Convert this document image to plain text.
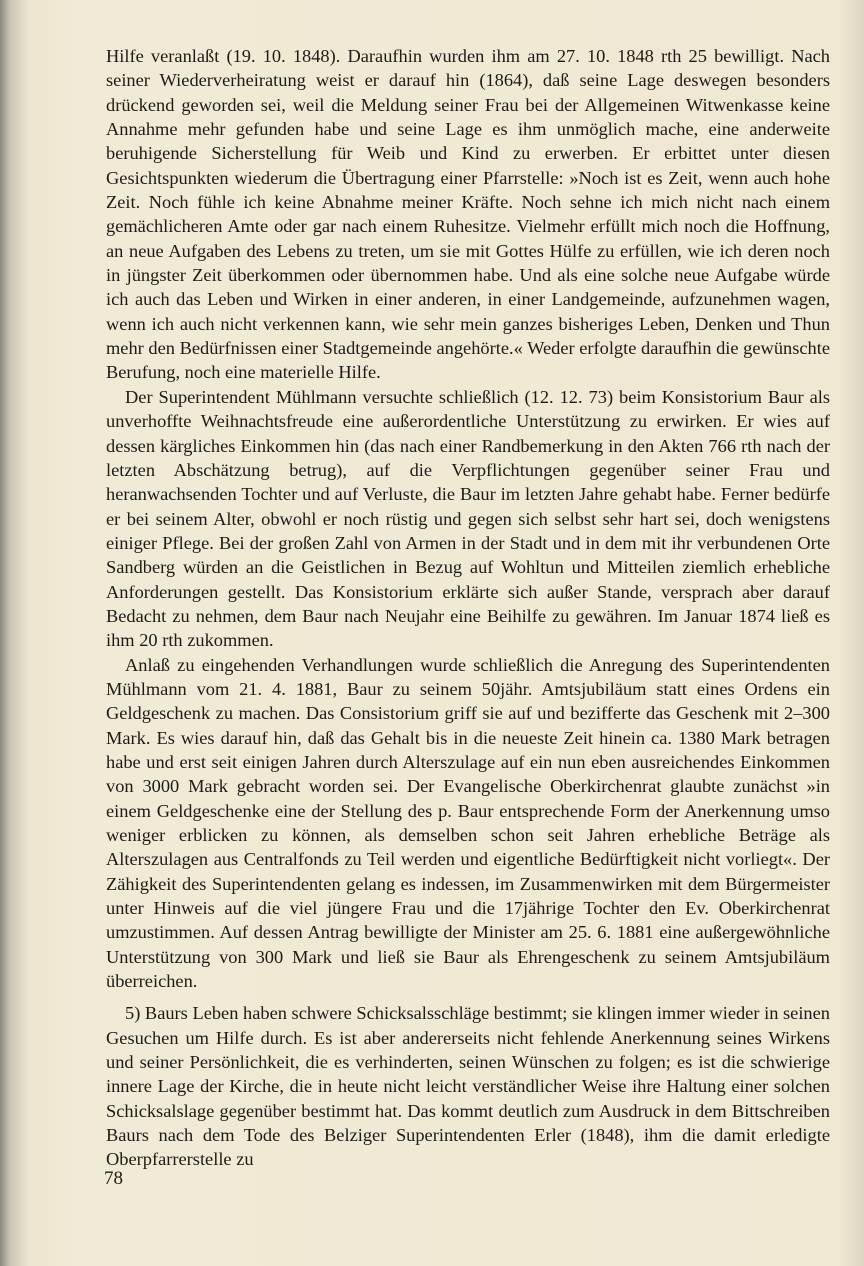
Hilfe veranlaßt (19. 10. 1848). Daraufhin wurden ihm am 27. 10. 1848 rth 25 bewilligt. Nach seiner Wiederverheiratung weist er darauf hin (1864), daß seine Lage deswegen besonders drückend geworden sei, weil die Meldung seiner Frau bei der Allgemeinen Witwenkasse keine Annahme mehr gefunden habe und seine Lage es ihm unmöglich mache, eine anderweite beruhigende Sicherstellung für Weib und Kind zu erwerben. Er erbittet unter diesen Gesichtspunkten wiederum die Übertragung einer Pfarrstelle: »Noch ist es Zeit, wenn auch hohe Zeit. Noch fühle ich keine Abnahme meiner Kräfte. Noch sehne ich mich nicht nach einem gemächlicheren Amte oder gar nach einem Ruhesitze. Vielmehr erfüllt mich noch die Hoffnung, an neue Aufgaben des Lebens zu treten, um sie mit Gottes Hülfe zu erfüllen, wie ich deren noch in jüngster Zeit überkommen oder übernommen habe. Und als eine solche neue Aufgabe würde ich auch das Leben und Wirken in einer anderen, in einer Landgemeinde, aufzunehmen wagen, wenn ich auch nicht verkennen kann, wie sehr mein ganzes bisheriges Leben, Denken und Thun mehr den Bedürfnissen einer Stadtgemeinde angehörte.« Weder erfolgte daraufhin die gewünschte Berufung, noch eine materielle Hilfe.

Der Superintendent Mühlmann versuchte schließlich (12. 12. 73) beim Konsistorium Baur als unverhoffte Weihnachtsfreude eine außerordentliche Unterstützung zu erwirken. Er wies auf dessen kärgliches Einkommen hin (das nach einer Randbemerkung in den Akten 766 rth nach der letzten Abschätzung betrug), auf die Verpflichtungen gegenüber seiner Frau und heranwachsenden Tochter und auf Verluste, die Baur im letzten Jahre gehabt habe. Ferner bedürfe er bei seinem Alter, obwohl er noch rüstig und gegen sich selbst sehr hart sei, doch wenigstens einiger Pflege. Bei der großen Zahl von Armen in der Stadt und in dem mit ihr verbundenen Orte Sandberg würden an die Geistlichen in Bezug auf Wohltun und Mitteilen ziemlich erhebliche Anforderungen gestellt. Das Konsistorium erklärte sich außer Stande, versprach aber darauf Bedacht zu nehmen, dem Baur nach Neujahr eine Beihilfe zu gewähren. Im Januar 1874 ließ es ihm 20 rth zukommen.

Anlaß zu eingehenden Verhandlungen wurde schließlich die Anregung des Superintendenten Mühlmann vom 21. 4. 1881, Baur zu seinem 50jähr. Amtsjubiläum statt eines Ordens ein Geldgeschenk zu machen. Das Consistorium griff sie auf und bezifferte das Geschenk mit 2–300 Mark. Es wies darauf hin, daß das Gehalt bis in die neueste Zeit hinein ca. 1380 Mark betragen habe und erst seit einigen Jahren durch Alterszulage auf ein nun eben ausreichendes Einkommen von 3000 Mark gebracht worden sei. Der Evangelische Oberkirchenrat glaubte zunächst »in einem Geldgeschenke eine der Stellung des p. Baur entsprechende Form der Anerkennung umso weniger erblicken zu können, als demselben schon seit Jahren erhebliche Beträge als Alterszulagen aus Centralfonds zu Teil werden und eigentliche Bedürftigkeit nicht vorliegt«. Der Zähigkeit des Superintendenten gelang es indessen, im Zusammenwirken mit dem Bürgermeister unter Hinweis auf die viel jüngere Frau und die 17jährige Tochter den Ev. Oberkirchenrat umzustimmen. Auf dessen Antrag bewilligte der Minister am 25. 6. 1881 eine außergewöhnliche Unterstützung von 300 Mark und ließ sie Baur als Ehrengeschenk zu seinem Amtsjubiläum überreichen.

5) Baurs Leben haben schwere Schicksalsschläge bestimmt; sie klingen immer wieder in seinen Gesuchen um Hilfe durch. Es ist aber andererseits nicht fehlende Anerkennung seines Wirkens und seiner Persönlichkeit, die es verhinderten, seinen Wünschen zu folgen; es ist die schwierige innere Lage der Kirche, die in heute nicht leicht verständlicher Weise ihre Haltung einer solchen Schicksalslage gegenüber bestimmt hat. Das kommt deutlich zum Ausdruck in dem Bittschreiben Baurs nach dem Tode des Belziger Superintendenten Erler (1848), ihm die damit erledigte Oberpfarrerstelle zu

78
